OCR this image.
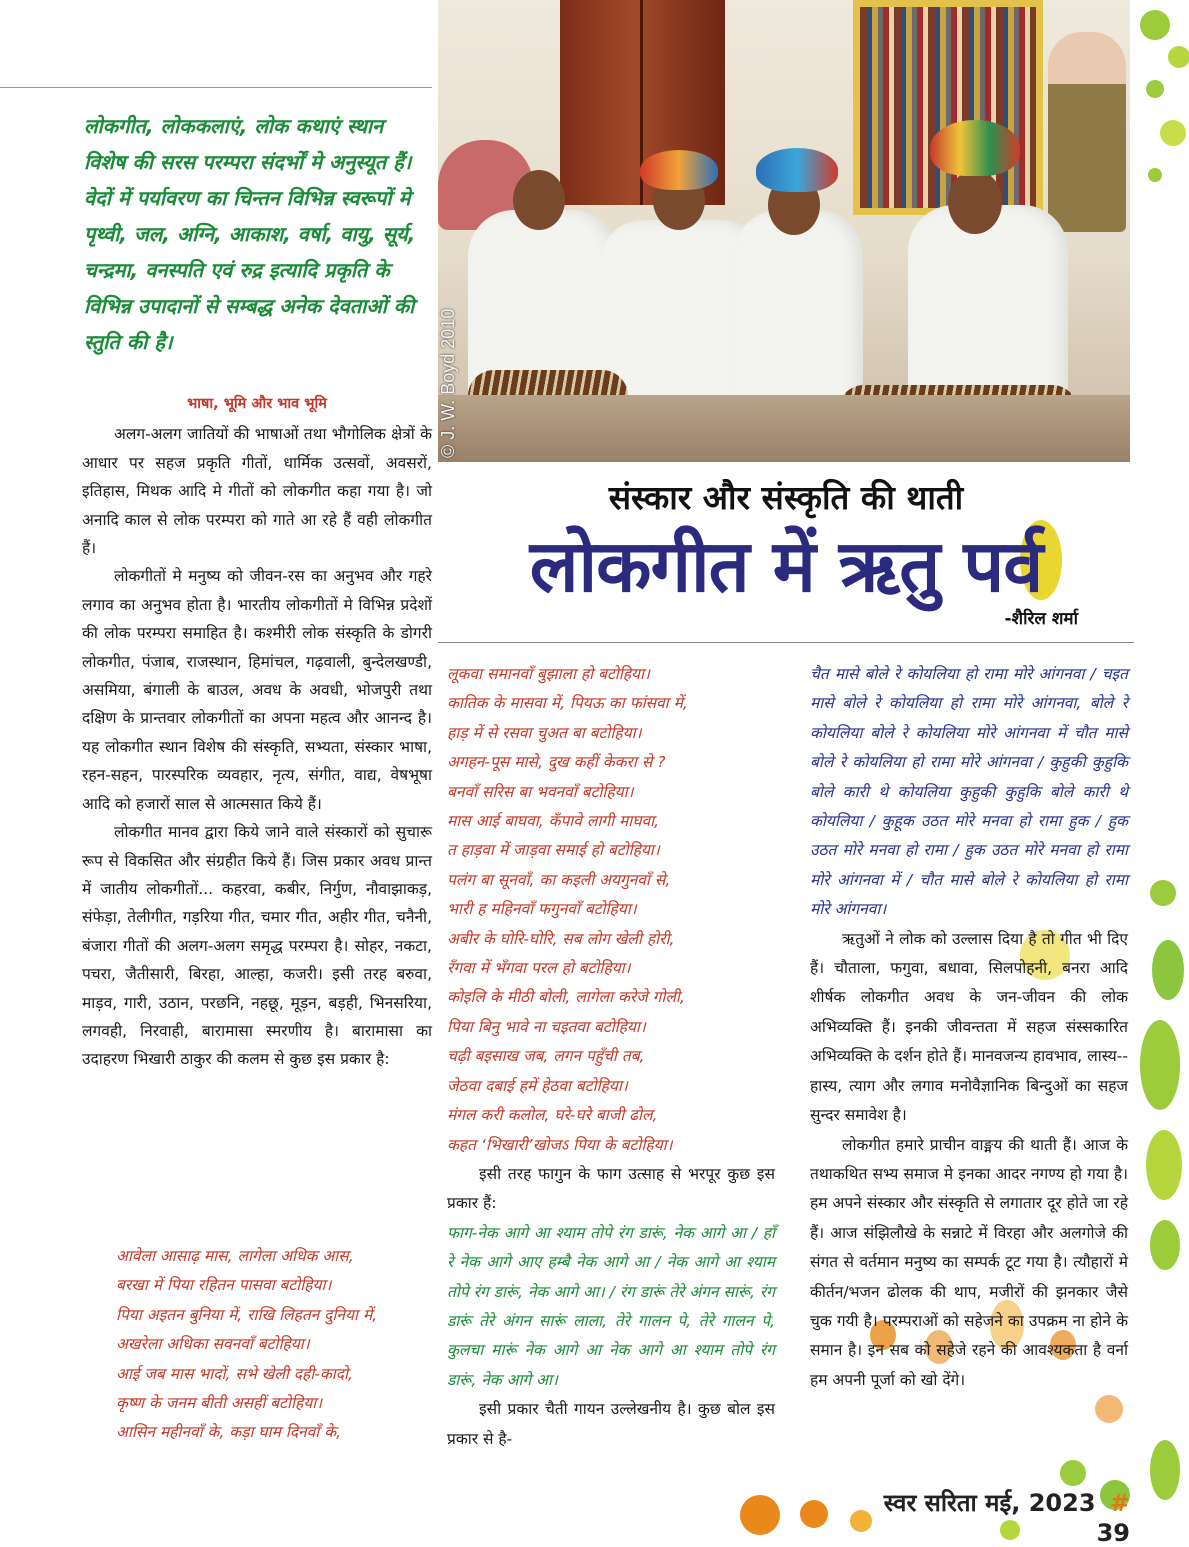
© J. W. Boyd 2010

लोकगीत, लोककलाएं, लोक कथाएं स्थान विशेष की सरस परम्परा संदर्भों मे अनुस्यूत हैं। वेदों में पर्यावरण का चिन्तन विभिन्न स्वरूपों मे पृथ्वी, जल, अग्नि, आकाश, वर्षा, वायु, सूर्य, चन्द्रमा, वनस्पति एवं रुद्र इत्यादि प्रकृति के विभिन्न उपादानों से सम्बद्ध अनेक देवताओं की स्तुति की है।

भाषा, भूमि और भाव भूमि

अलग-अलग जातियों की भाषाओं तथा भौगोलिक क्षेत्रों के आधार पर सहज प्रकृति गीतों, धार्मिक उत्सवों, अवसरों, इतिहास, मिथक आदि मे गीतों को लोकगीत कहा गया है। जो अनादि काल से लोक परम्परा को गाते आ रहे हैं वही लोकगीत हैं।

लोकगीतों मे मनुष्य को जीवन-रस का अनुभव और गहरे लगाव का अनुभव होता है। भारतीय लोकगीतों मे विभिन्न प्रदेशों की लोक परम्परा समाहित है। कश्मीरी लोक संस्कृति के डोगरी लोकगीत, पंजाब, राजस्थान, हिमांचल, गढ़वाली, बुन्देलखण्डी, असमिया, बंगाली के बाउल, अवध के अवधी, भोजपुरी तथा दक्षिण के प्रान्तवार लोकगीतों का अपना महत्व और आनन्द है। यह लोकगीत स्थान विशेष की संस्कृति, सभ्यता, संस्कार भाषा, रहन-सहन, पारस्परिक व्यवहार, नृत्य, संगीत, वाद्य, वेषभूषा आदि को हजारों साल से आत्मसात किये हैं।

लोकगीत मानव द्वारा किये जाने वाले संस्कारों को सुचारू रूप से विकसित और संग्रहीत किये हैं। जिस प्रकार अवध प्रान्त में जातीय लोकगीतों... कहरवा, कबीर, निर्गुण, नौवाझाकड़, संफेड़ा, तेलीगीत, गड़रिया गीत, चमार गीत, अहीर गीत, चनैनी, बंजारा गीतों की अलग-अलग समृद्ध परम्परा है। सोहर, नकटा, पचरा, जैतीसारी, बिरहा, आल्हा, कजरी। इसी तरह बरुवा, माड़व, गारी, उठान, परछनि, नहछू, मूड़न, बड़ही, भिनसरिया, लगवही, निरवाही, बारामासा स्मरणीय है। बारामासा का उदाहरण भिखारी ठाकुर की कलम से कुछ इस प्रकार है:

आवेला आसाढ़ मास, लागेला अधिक आस,
बरखा में पिया रहितन पासवा बटोहिया।
पिया अइतन बुनिया में, राखि लिहतन दुनिया में,
अखरेला अधिका सवनवाँ बटोहिया।
आई जब मास भादों, सभे खेली दही-कादो,
कृष्ण के जनम बीती असहीं बटोहिया।
आसिन महीनवाँ के, कड़ा घाम दिनवाँ के,
संस्कार और संस्कृति की थाती
लोकगीत में ऋतु पर्व
-शैरिल शर्मा
लूकवा समानवाँ बुझाला हो बटोहिया।
कातिक के मासवा में, पियऊ का फांसवा में,
हाड़ में से रसवा चुअत बा बटोहिया।
अगहन-पूस मासे, दुख कहीं केकरा से ?
बनवाँ सरिस बा भवनवाँ बटोहिया।
मास आई बाघवा, कँपावे लागी माघवा,
त हाड़वा में जाड़वा समाई हो बटोहिया।
पलंग बा सूनवाँ, का कइली अयगुनवाँ से,
भारी ह महिनवाँ फगुनवाँ बटोहिया।
अबीर के घोरि-घोरि, सब लोग खेली होरी,
रँगवा में भँगवा परल हो बटोहिया।
कोइलि के मीठी बोली, लागेला करेजे गोली,
पिया बिनु भावे ना चइतवा बटोहिया।
चढ़ी बइसाख जब, लगन पहुँची तब,
जेठवा दबाई हमें हेठवा बटोहिया।
मंगल करी कलोल, घरे-घरे बाजी ढोल,
कहत ‘भिखारी’खोजऽ पिया के बटोहिया।

इसी तरह फागुन के फाग उत्साह से भरपूर कुछ इस प्रकार हैं:

फाग-नेक आगे आ श्याम तोपे रंग डारूं, नेक आगे आ / हाँ रे नेक आगे आए हम्बै नेक आगे आ / नेक आगे आ श्याम तोपे रंग डारूं, नेक आगे आ। / रंग डारूं तेरे अंगन सारूं, रंग डारूं तेरे अंगन सारूं लाला, तेरे गालन पे, तेरे गालन पे, कुलचा मारूं नेक आगे आ नेक आगे आ श्याम तोपे रंग डारूं, नेक आगे आ।

इसी प्रकार चैती गायन उल्लेखनीय है। कुछ बोल इस प्रकार से है-

चैत मासे बोले रे कोयलिया हो रामा मोरे आंगनवा / चइत मासे बोले रे कोयलिया हो रामा मोरे आंगनवा, बोले रे कोयलिया बोले रे कोयलिया मोरे आंगनवा में चौत मासे बोले रे कोयलिया हो रामा मोरे आंगनवा / कुहुकी कुहुकि बोले कारी थे कोयलिया कुहुकी कुहुकि बोले कारी थे कोयलिया / कुहूक उठत मोरे मनवा हो रामा हुक / हुक उठत मोरे मनवा हो रामा / हुक उठत मोरे मनवा हो रामा मोरे आंगनवा में / चौत मासे बोले रे कोयलिया हो रामा मोरे आंगनवा।

ऋतुओं ने लोक को उल्लास दिया है तो गीत भी दिए हैं। चौताला, फगुवा, बधावा, सिलपोहनी, बनरा आदि शीर्षक लोकगीत अवध के जन-जीवन की लोक अभिव्यक्ति हैं। इनकी जीवन्तता में सहज संस्सकारित अभिव्यक्ति के दर्शन होते हैं। मानवजन्य हावभाव, लास्य--हास्य, त्याग और लगाव मनोवैज्ञानिक बिन्दुओं का सहज सुन्दर समावेश है।

लोकगीत हमारे प्राचीन वाङ्मय की थाती हैं। आज के तथाकथित सभ्य समाज मे इनका आदर नगण्य हो गया है। हम अपने संस्कार और संस्कृति से लगातार दूर होते जा रहे हैं। आज संझिलौखे के सन्नाटे में विरहा और अलगोजे की संगत से वर्तमान मनुष्य का सम्पर्क टूट गया है। त्यौहारों मे कीर्तन/भजन ढोलक की थाप, मजीरों की झनकार जैसे चुक गयी है। परम्पराओं को सहेजने का उपक्रम ना होने के समान है। इन सब को सहेजे रहने की आवश्यकता है वर्ना हम अपनी पूर्जा को खो देंगे।

स्वर सरिता मई, 2023 # 39
